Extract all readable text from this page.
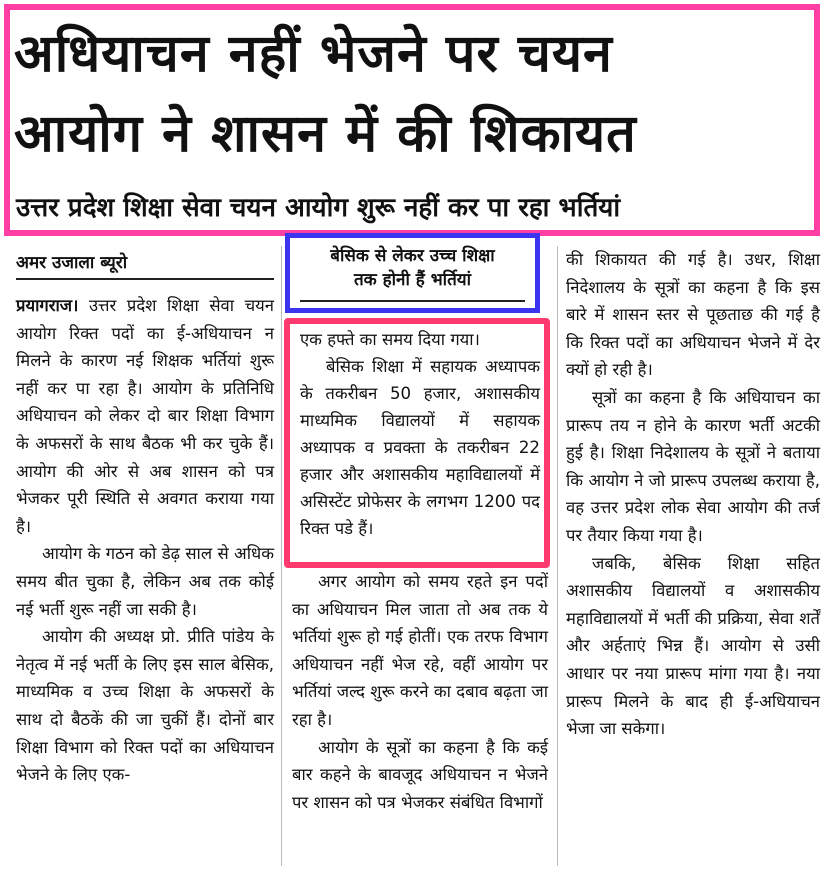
अधियाचन नहीं भेजने पर चयन
आयोग ने शासन में की शिकायत
उत्तर प्रदेश शिक्षा सेवा चयन आयोग शुरू नहीं कर पा रहा भर्तियां
अमर उजाला ब्यूरो

प्रयागराज। उत्तर प्रदेश शिक्षा सेवा चयन आयोग रिक्त पदों का ई-अधियाचन न मिलने के कारण नई शिक्षक भर्तियां शुरू नहीं कर पा रहा है। आयोग के प्रतिनिधि अधियाचन को लेकर दो बार शिक्षा विभाग के अफसरों के साथ बैठक भी कर चुके हैं। आयोग की ओर से अब शासन को पत्र भेजकर पूरी स्थिति से अवगत कराया गया है।

आयोग के गठन को डेढ़ साल से अधिक समय बीत चुका है, लेकिन अब तक कोई नई भर्ती शुरू नहीं जा सकी है।

आयोग की अध्यक्ष प्रो. प्रीति पांडेय के नेतृत्व में नई भर्ती के लिए इस साल बेसिक, माध्यमिक व उच्च शिक्षा के अफसरों के साथ दो बैठकें की जा चुकीं हैं। दोनों बार शिक्षा विभाग को रिक्त पदों का अधियाचन भेजने के लिए एक-

बेसिक से लेकर उच्च शिक्षा
तक होनी हैं भर्तियां

एक हफ्ते का समय दिया गया।

बेसिक शिक्षा में सहायक अध्यापक के तकरीबन 50 हजार, अशासकीय माध्यमिक विद्यालयों में सहायक अध्यापक व प्रवक्ता के तकरीबन 22 हजार और अशासकीय महाविद्यालयों में असिस्टेंट प्रोफेसर के लगभग 1200 पद रिक्त पडे हैं।

अगर आयोग को समय रहते इन पदों का अधियाचन मिल जाता तो अब तक ये भर्तियां शुरू हो गई होतीं। एक तरफ विभाग अधियाचन नहीं भेज रहे, वहीं आयोग पर भर्तियां जल्द शुरू करने का दबाव बढ़ता जा रहा है।

आयोग के सूत्रों का कहना है कि कई बार कहने के बावजूद अधियाचन न भेजने पर शासन को पत्र भेजकर संबंधित विभागों

की शिकायत की गई है। उधर, शिक्षा निदेशालय के सूत्रों का कहना है कि इस बारे में शासन स्तर से पूछताछ की गई है कि रिक्त पदों का अधियाचन भेजने में देर क्यों हो रही है।

सूत्रों का कहना है कि अधियाचन का प्रारूप तय न होने के कारण भर्ती अटकी हुई है। शिक्षा निदेशालय के सूत्रों ने बताया कि आयोग ने जो प्रारूप उपलब्ध कराया है, वह उत्तर प्रदेश लोक सेवा आयोग की तर्ज पर तैयार किया गया है।

जबकि, बेसिक शिक्षा सहित अशासकीय विद्यालयों व अशासकीय महाविद्यालयों में भर्ती की प्रक्रिया, सेवा शर्तें और अर्हताएं भिन्न हैं। आयोग से उसी आधार पर नया प्रारूप मांगा गया है। नया प्रारूप मिलने के बाद ही ई-अधियाचन भेजा जा सकेगा।
